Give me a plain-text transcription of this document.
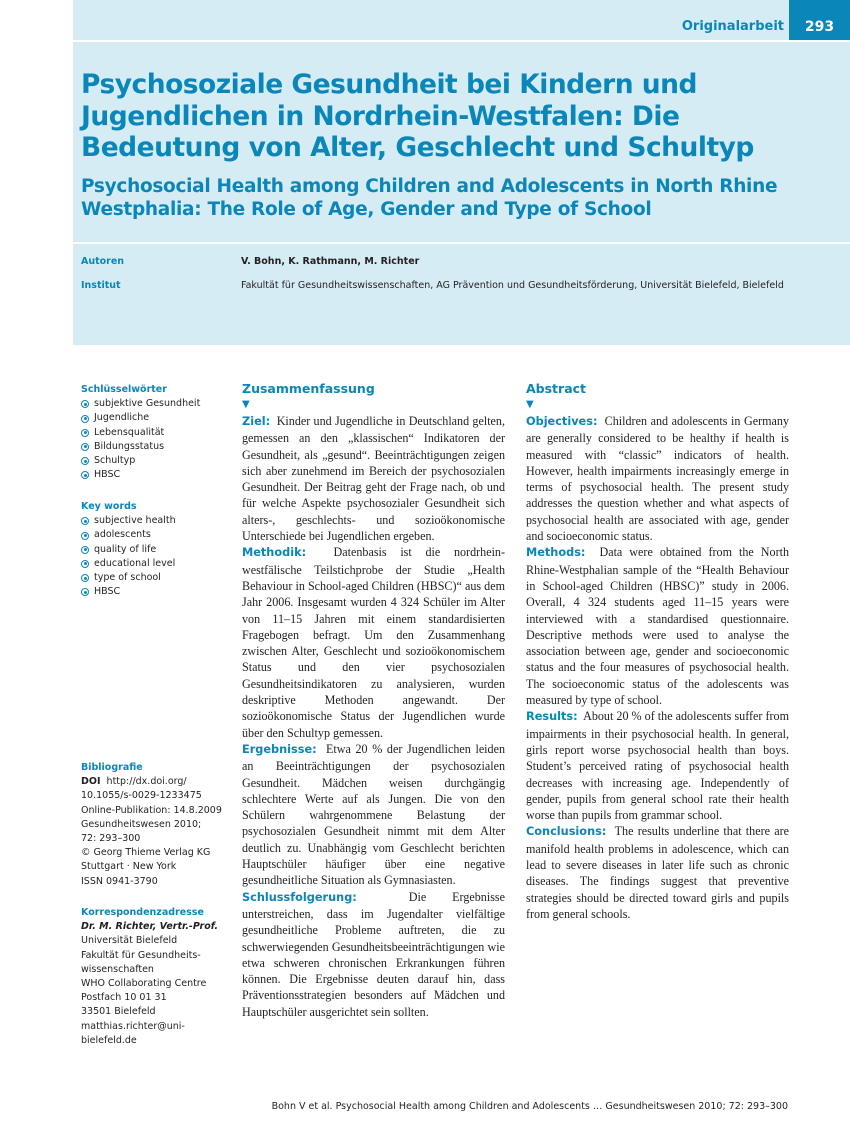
Originalarbeit	293
Psychosoziale Gesundheit bei Kindern und Jugendlichen in Nordrhein-Westfalen: Die Bedeutung von Alter, Geschlecht und Schultyp
Psychosocial Health among Children and Adolescents in North Rhine Westphalia: The Role of Age, Gender and Type of School
Autoren	V. Bohn, K. Rathmann, M. Richter
Institut	Fakultät für Gesundheitswissenschaften, AG Prävention und Gesundheitsförderung, Universität Bielefeld, Bielefeld
Schlüsselwörter
subjektive Gesundheit
Jugendliche
Lebensqualität
Bildungsstatus
Schultyp
HBSC
Key words
subjective health
adolescents
quality of life
educational level
type of school
HBSC
Bibliografie
DOI http://dx.doi.org/
10.1055/s-0029-1233475
Online-Publikation: 14.8.2009
Gesundheitswesen 2010;
72: 293–300
© Georg Thieme Verlag KG
Stuttgart · New York
ISSN 0941-3790
Korrespondenzadresse
Dr. M. Richter, Vertr.-Prof.
Universität Bielefeld
Fakultät für Gesundheits-
wissenschaften
WHO Collaborating Centre
Postfach 10 01 31
33501 Bielefeld
matthias.richter@uni-bielefeld.de
Zusammenfassung
▼

Ziel: Kinder und Jugendliche in Deutschland gelten, gemessen an den „klassischen“ Indikatoren der Gesundheit, als „gesund“. Beeinträchtigungen zeigen sich aber zunehmend im Bereich der psychosozialen Gesundheit. Der Beitrag geht der Frage nach, ob und für welche Aspekte psychosozialer Gesundheit sich alters-, geschlechts- und sozioökonomische Unterschiede bei Jugendlichen ergeben.

Methodik: Datenbasis ist die nordrhein-westfälische Teilstichprobe der Studie „Health Behaviour in School-aged Children (HBSC)“ aus dem Jahr 2006. Insgesamt wurden 4 324 Schüler im Alter von 11–15 Jahren mit einem standardisierten Fragebogen befragt. Um den Zusammenhang zwischen Alter, Geschlecht und sozioökonomischem Status und den vier psychosozialen Gesundheitsindikatoren zu analysieren, wurden deskriptive Methoden angewandt. Der sozioökonomische Status der Jugendlichen wurde über den Schultyp gemessen.

Ergebnisse: Etwa 20 % der Jugendlichen leiden an Beeinträchtigungen der psychosozialen Gesundheit. Mädchen weisen durchgängig schlechtere Werte auf als Jungen. Die von den Schülern wahrgenommene Belastung der psychosozialen Gesundheit nimmt mit dem Alter deutlich zu. Unabhängig vom Geschlecht berichten Hauptschüler häufiger über eine negative gesundheitliche Situation als Gymnasiasten.

Schlussfolgerung:	Die Ergebnisse unterstreichen, dass im Jugendalter vielfältige gesundheitliche Probleme auftreten, die zu schwerwiegenden Gesundheitsbeeinträchtigungen wie etwa schweren chronischen Erkrankungen führen können. Die Ergebnisse deuten darauf hin, dass Präventionsstrategien besonders auf Mädchen und Hauptschüler ausgerichtet sein sollten.

Abstract
▼

Objectives: Children and adolescents in Germany are generally considered to be healthy if health is measured with “classic” indicators of health. However, health impairments increasingly emerge in terms of psychosocial health. The present study addresses the question whether and what aspects of psychosocial health are associated with age, gender and socioeconomic status.

Methods: Data were obtained from the North Rhine-Westphalian sample of the “Health Behaviour in School-aged Children (HBSC)” study in 2006. Overall, 4 324 students aged 11–15 years were interviewed with a standardised questionnaire. Descriptive methods were used to analyse the association between age, gender and socioeconomic status and the four measures of psychosocial health. The socioeconomic status of the adolescents was measured by type of school.

Results: About 20 % of the adolescents suffer from impairments in their psychosocial health. In general, girls report worse psychosocial health than boys. Student’s perceived rating of psychosocial health decreases with increasing age. Independently of gender, pupils from general school rate their health worse than pupils from grammar school.

Conclusions: The results underline that there are manifold health problems in adolescence, which can lead to severe diseases in later life such as chronic diseases. The findings suggest that preventive strategies should be directed toward girls and pupils from general schools.

Bohn V et al. Psychosocial Health among Children and Adolescents … Gesundheitswesen 2010; 72: 293–300
